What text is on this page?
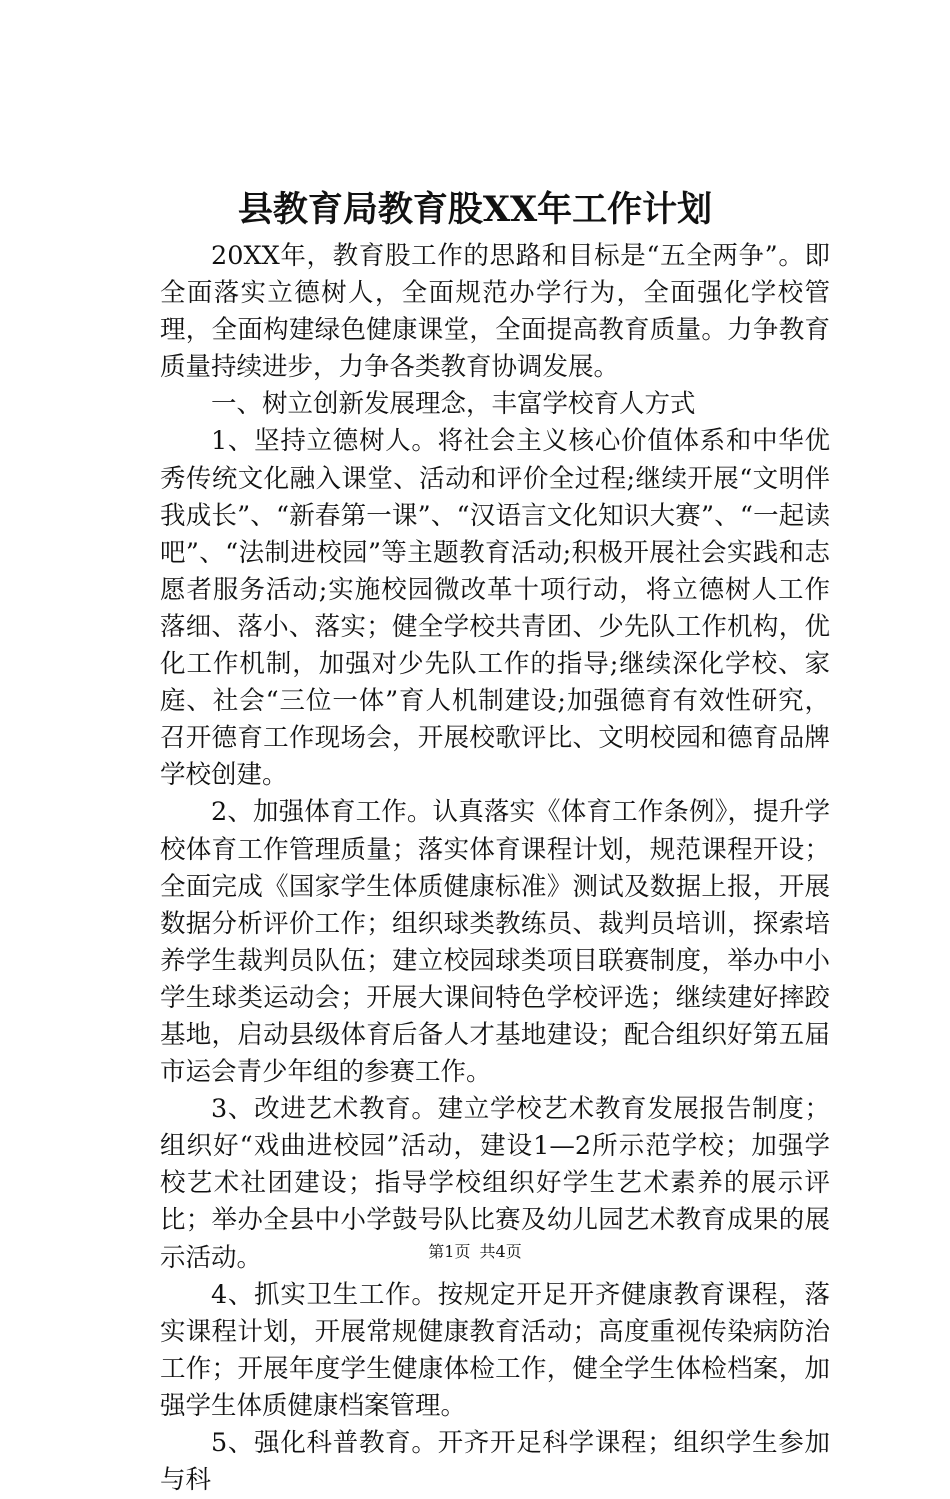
县教育局教育股XX年工作计划

20XX年，教育股工作的思路和目标是“五全两争”。即全面落实立德树人，全面规范办学行为，全面强化学校管理，全面构建绿色健康课堂，全面提高教育质量。力争教育质量持续进步，力争各类教育协调发展。

一、树立创新发展理念，丰富学校育人方式

1、坚持立德树人。将社会主义核心价值体系和中华优秀传统文化融入课堂、活动和评价全过程;继续开展“文明伴我成长”、“新春第一课”、“汉语言文化知识大赛”、“一起读吧”、“法制进校园”等主题教育活动;积极开展社会实践和志愿者服务活动;实施校园微改革十项行动，将立德树人工作落细、落小、落实；健全学校共青团、少先队工作机构，优化工作机制，加强对少先队工作的指导;继续深化学校、家庭、社会“三位一体”育人机制建设;加强德育有效性研究，召开德育工作现场会，开展校歌评比、文明校园和德育品牌学校创建。

2、加强体育工作。认真落实《体育工作条例》，提升学校体育工作管理质量；落实体育课程计划，规范课程开设；全面完成《国家学生体质健康标准》测试及数据上报，开展数据分析评价工作；组织球类教练员、裁判员培训，探索培养学生裁判员队伍；建立校园球类项目联赛制度，举办中小学生球类运动会；开展大课间特色学校评选；继续建好摔跤基地，启动县级体育后备人才基地建设；配合组织好第五届市运会青少年组的参赛工作。

3、改进艺术教育。建立学校艺术教育发展报告制度；组织好“戏曲进校园”活动，建设1—2所示范学校；加强学校艺术社团建设；指导学校组织好学生艺术素养的展示评比；举办全县中小学鼓号队比赛及幼儿园艺术教育成果的展示活动。

4、抓实卫生工作。按规定开足开齐健康教育课程，落实课程计划，开展常规健康教育活动；高度重视传染病防治工作；开展年度学生健康体检工作，健全学生体检档案，加强学生体质健康档案管理。

5、强化科普教育。开齐开足科学课程；组织学生参加与科

第1页 共4页
